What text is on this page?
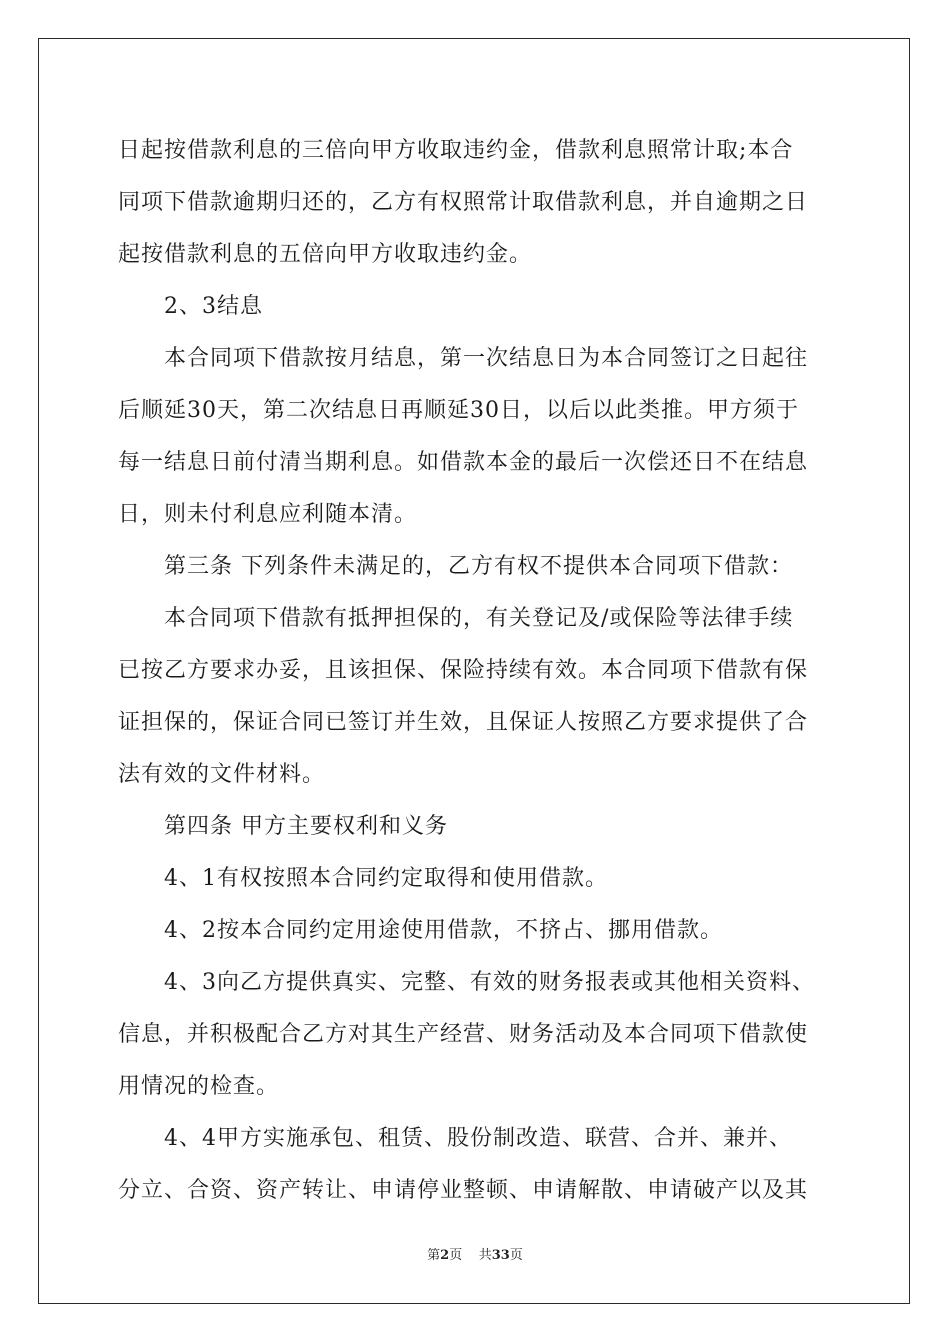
日起按借款利息的三倍向甲方收取违约金，借款利息照常计取;本合
同项下借款逾期归还的，乙方有权照常计取借款利息，并自逾期之日
起按借款利息的五倍向甲方收取违约金。
2、3结息
本合同项下借款按月结息，第一次结息日为本合同签订之日起往
后顺延30天，第二次结息日再顺延30日，以后以此类推。甲方须于
每一结息日前付清当期利息。如借款本金的最后一次偿还日不在结息
日，则未付利息应利随本清。
第三条 下列条件未满足的，乙方有权不提供本合同项下借款：
本合同项下借款有抵押担保的，有关登记及/或保险等法律手续
已按乙方要求办妥，且该担保、保险持续有效。本合同项下借款有保
证担保的，保证合同已签订并生效，且保证人按照乙方要求提供了合
法有效的文件材料。
第四条 甲方主要权利和义务
4、1有权按照本合同约定取得和使用借款。
4、2按本合同约定用途使用借款，不挤占、挪用借款。
4、3向乙方提供真实、完整、有效的财务报表或其他相关资料、
信息，并积极配合乙方对其生产经营、财务活动及本合同项下借款使
用情况的检查。
4、4甲方实施承包、租赁、股份制改造、联营、合并、兼并、
分立、合资、资产转让、申请停业整顿、申请解散、申请破产以及其
第2页 共33页
